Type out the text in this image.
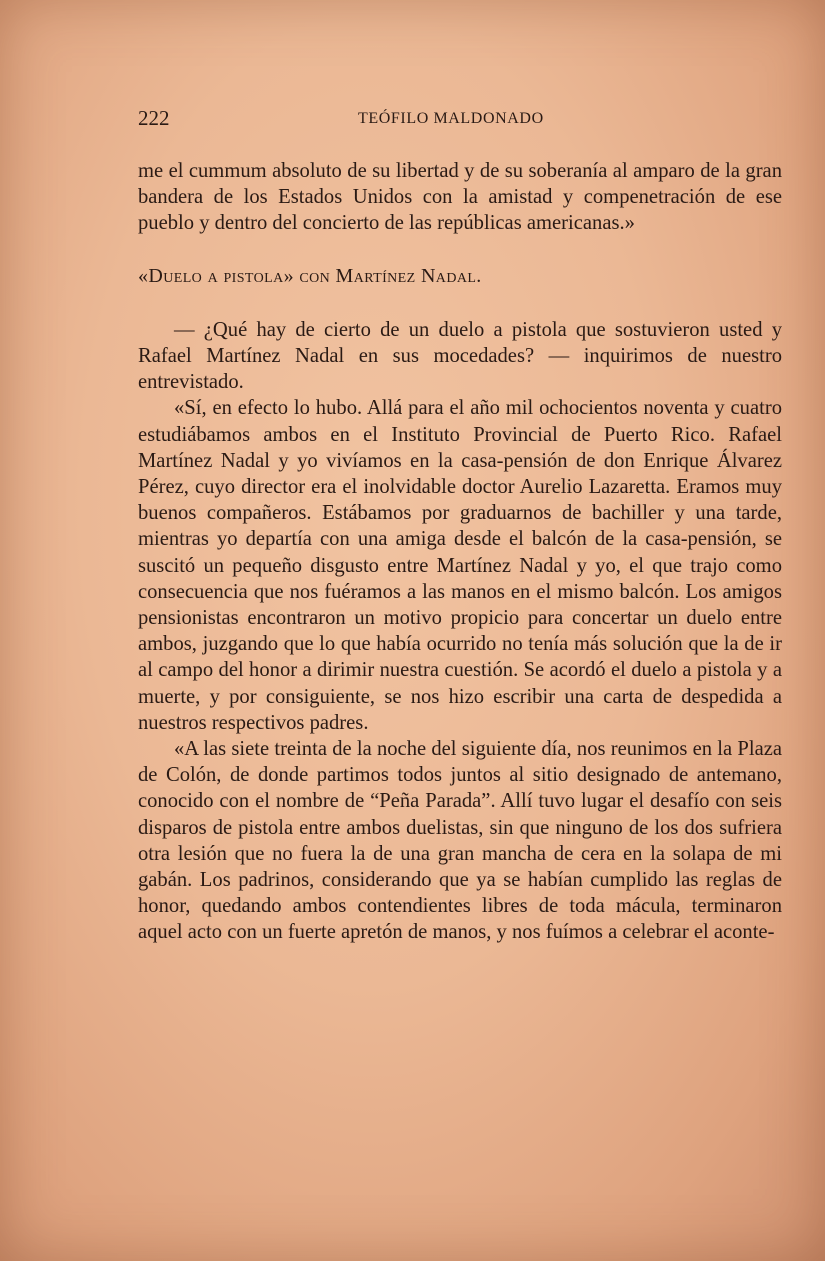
222	TEÓFILO MALDONADO

me el cummum absoluto de su libertad y de su soberanía al amparo de la gran bandera de los Estados Unidos con la amistad y compenetración de ese pueblo y dentro del concierto de las repúblicas americanas.»

«Duelo a pistola» con Martínez Nadal.

— ¿Qué hay de cierto de un duelo a pistola que sostuvieron usted y Rafael Martínez Nadal en sus mocedades? — inquirimos de nuestro entrevistado.

«Sí, en efecto lo hubo. Allá para el año mil ochocientos noventa y cuatro estudiábamos ambos en el Instituto Provincial de Puerto Rico. Rafael Martínez Nadal y yo vivíamos en la casa-pensión de don Enrique Álvarez Pérez, cuyo director era el inolvidable doctor Aurelio Lazaretta. Eramos muy buenos compañeros. Estábamos por graduarnos de bachiller y una tarde, mientras yo departía con una amiga desde el balcón de la casa-pensión, se suscitó un pequeño disgusto entre Martínez Nadal y yo, el que trajo como consecuencia que nos fuéramos a las manos en el mismo balcón. Los amigos pensionistas encontraron un motivo propicio para concertar un duelo entre ambos, juzgando que lo que había ocurrido no tenía más solución que la de ir al campo del honor a dirimir nuestra cuestión. Se acordó el duelo a pistola y a muerte, y por consiguiente, se nos hizo escribir una carta de despedida a nuestros respectivos padres.

«A las siete treinta de la noche del siguiente día, nos reunimos en la Plaza de Colón, de donde partimos todos juntos al sitio designado de antemano, conocido con el nombre de “Peña Parada”. Allí tuvo lugar el desafío con seis disparos de pistola entre ambos duelistas, sin que ninguno de los dos sufriera otra lesión que no fuera la de una gran mancha de cera en la solapa de mi gabán. Los padrinos, considerando que ya se habían cumplido las reglas de honor, quedando ambos contendientes libres de toda mácula, terminaron aquel acto con un fuerte apretón de manos, y nos fuímos a celebrar el aconte-
